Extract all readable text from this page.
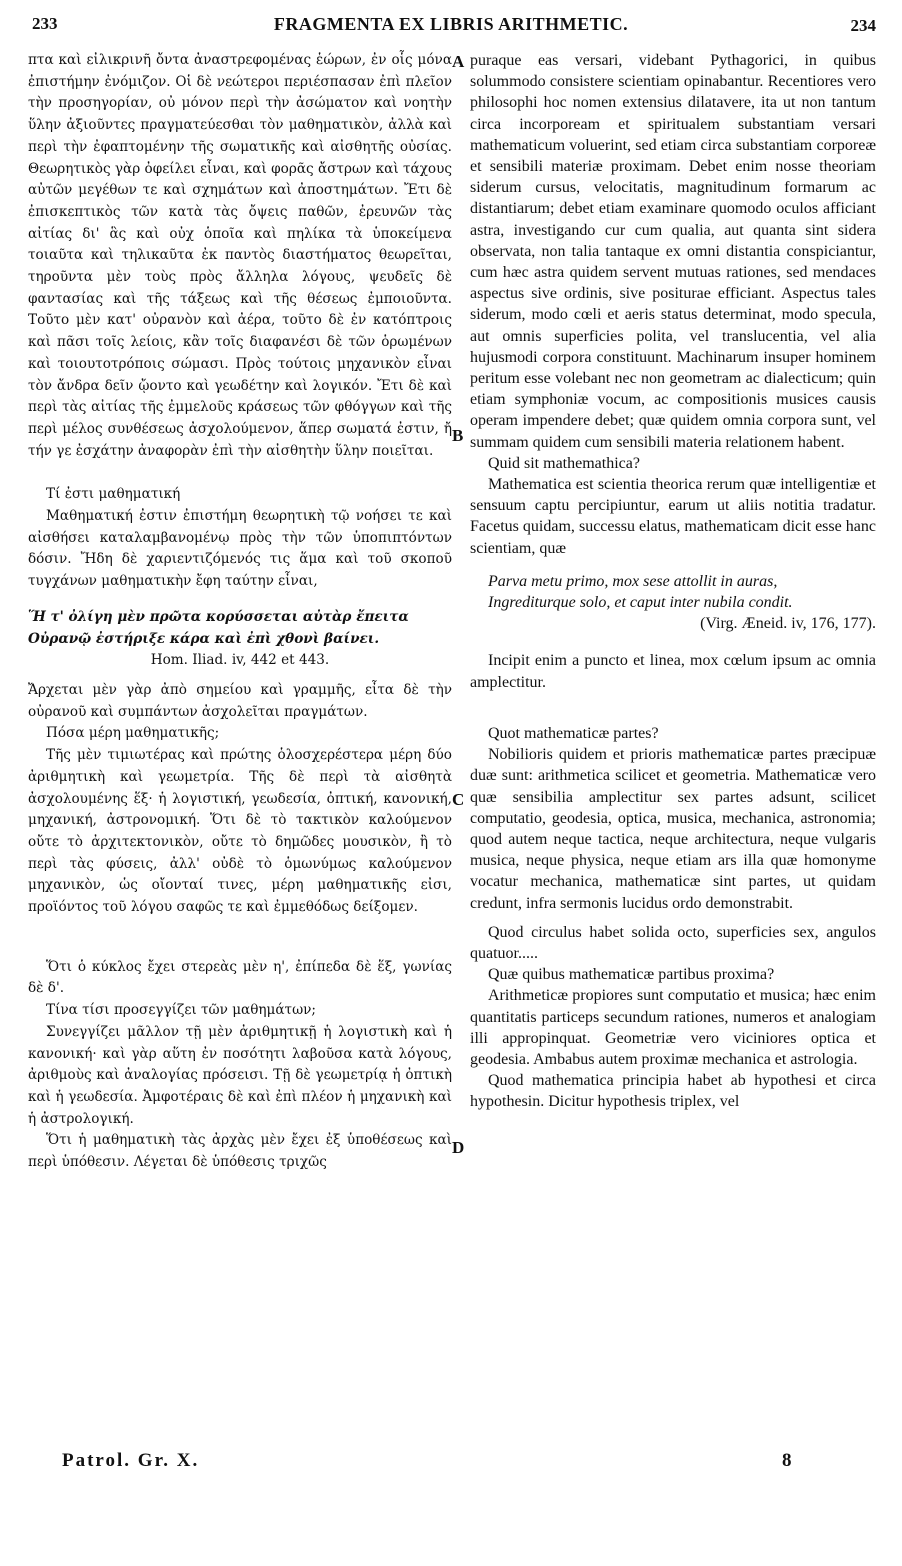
233	FRAGMENTA EX LIBRIS ARITHMETIC.	234

πτα καὶ εἰλικρινῆ ὄντα ἀναστρεφομένας ἑώρων, ἐν οἷς μόνα ἐπιστήμην ἐνόμιζον. Οἱ δὲ νεώτεροι περιέσπασαν ἐπὶ πλεῖον τὴν προσηγορίαν, οὐ μόνον περὶ τὴν ἀσώματον καὶ νοητὴν ὕλην ἀξιοῦντες πραγματεύεσθαι τὸν μαθηματικὸν, ἀλλὰ καὶ περὶ τὴν ἐφαπτομένην τῆς σωματικῆς καὶ αἰσθητῆς οὐσίας. Θεωρητικὸς γὰρ ὀφείλει εἶναι, καὶ φορᾶς ἄστρων καὶ τάχους αὐτῶν μεγέθων τε καὶ σχημάτων καὶ ἀποστημάτων. Ἔτι δὲ ἐπισκεπτικὸς τῶν κατὰ τὰς ὄψεις παθῶν, ἐρευνῶν τὰς αἰτίας δι' ἃς καὶ οὐχ ὁποῖα καὶ πηλίκα τὰ ὑποκείμενα τοιαῦτα καὶ τηλικαῦτα ἐκ παντὸς διαστήματος θεωρεῖται, τηροῦντα μὲν τοὺς πρὸς ἄλληλα λόγους, ψευδεῖς δὲ φαντασίας καὶ τῆς τάξεως καὶ τῆς θέσεως ἐμποιοῦντα. Τοῦτο μὲν κατ' οὐρανὸν καὶ ἀέρα, τοῦτο δὲ ἐν κατόπτροις καὶ πᾶσι τοῖς λείοις, κἂν τοῖς διαφανέσι δὲ τῶν ὁρωμένων καὶ τοιουτοτρόποις σώμασι. Πρὸς τούτοις μηχανικὸν εἶναι τὸν ἄνδρα δεῖν ᾤοντο καὶ γεωδέτην καὶ λογικόν. Ἔτι δὲ καὶ περὶ τὰς αἰτίας τῆς ἐμμελοῦς κράσεως τῶν φθόγγων καὶ τῆς περὶ μέλος συνθέσεως ἀσχολούμενον, ἅπερ σωματά ἐστιν, ἤ τήν γε ἐσχάτην ἀναφορὰν ἐπὶ τὴν αἰσθητὴν ὕλην ποιεῖται.

Τί ἐστι μαθηματική

Μαθηματική ἐστιν ἐπιστήμη θεωρητικὴ τῷ νοήσει τε καὶ αἰσθήσει καταλαμβανομένῳ πρὸς τὴν τῶν ὑποπιπτόντων δόσιν. Ἤδη δὲ χαριεντιζόμενός τις ἅμα καὶ τοῦ σκοποῦ τυγχάνων μαθηματικὴν ἔφη ταύτην εἶναι,

Ἥ τ' ὀλίγη μὲν πρῶτα κορύσσεται αὐτὰρ ἔπειτα

Οὐρανῷ ἐστήριξε κάρα καὶ ἐπὶ χθονὶ βαίνει.

Hom. Iliad. iv, 442 et 443.

Ἄρχεται μὲν γὰρ ἀπὸ σημείου καὶ γραμμῆς, εἶτα δὲ τὴν οὐρανοῦ καὶ συμπάντων ἀσχολεῖται πραγμάτων.

Πόσα μέρη μαθηματικῆς;

Τῆς μὲν τιμιωτέρας καὶ πρώτης ὁλοσχερέστερα μέρη δύο ἀριθμητικὴ καὶ γεωμετρία. Τῆς δὲ περὶ τὰ αἰσθητὰ ἀσχολουμένης ἕξ· ἡ λογιστική, γεωδεσία, ὀπτική, κανονική, μηχανική, ἀστρονομική. Ὅτι δὲ τὸ τακτικὸν καλούμενον οὔτε τὸ ἀρχιτεκτονικὸν, οὔτε τὸ δημῶδες μουσικὸν, ἢ τὸ περὶ τὰς φύσεις, ἀλλ' οὐδὲ τὸ ὁμωνύμως καλούμενον μηχανικὸν, ὡς οἴονταί τινες, μέρη μαθηματικῆς εἰσι, προϊόντος τοῦ λόγου σαφῶς τε καὶ ἐμμεθόδως δείξομεν.

Ὅτι ὁ κύκλος ἔχει στερεὰς μὲν η', ἐπίπεδα δὲ ἕξ, γωνίας δὲ δ'.

Τίνα τίσι προσεγγίζει τῶν μαθημάτων;

Συνεγγίζει μᾶλλον τῇ μὲν ἀριθμητικῇ ἡ λογιστικὴ καὶ ἡ κανονική· καὶ γὰρ αὕτη ἐν ποσότητι λαβοῦσα κατὰ λόγους, ἀριθμοὺς καὶ ἀναλογίας πρόσεισι. Τῇ δὲ γεωμετρίᾳ ἡ ὀπτικὴ καὶ ἡ γεωδεσία. Ἀμφοτέραις δὲ καὶ ἐπὶ πλέον ἡ μηχανικὴ καὶ ἡ ἀστρολογική.

Ὅτι ἡ μαθηματικὴ τὰς ἀρχὰς μὲν ἔχει ἐξ ὑποθέσεως καὶ περὶ ὑπόθεσιν. Λέγεται δὲ ὑπόθεσις τριχῶς

A
B
C
D

puraque eas versari, videbant Pythagorici, in quibus solummodo consistere scientiam opinabantur. Recentiores vero philosophi hoc nomen extensius dilatavere, ita ut non tantum circa incorpoream et spiritualem substantiam versari mathematicum voluerint, sed etiam circa substantiam corporeæ et sensibili materiæ proximam. Debet enim nosse theoriam siderum cursus, velocitatis, magnitudinum formarum ac distantiarum; debet etiam examinare quomodo oculos afficiant astra, investigando cur cum qualia, aut quanta sint sidera observata, non talia tantaque ex omni distantia conspiciantur, cum hæc astra quidem servent mutuas rationes, sed mendaces aspectus sive ordinis, sive positurae efficiant. Aspectus tales siderum, modo cœli et aeris status determinat, modo specula, aut omnis superficies polita, vel translucentia, vel alia hujusmodi corpora constituunt. Machinarum insuper hominem peritum esse volebant nec non geometram ac dialecticum; quin etiam symphoniæ vocum, ac compositionis musices causis operam impendere debet; quæ quidem omnia corpora sunt, vel summam quidem cum sensibili materia relationem habent.

Quid sit mathemathica?

Mathematica est scientia theorica rerum quæ intelligentiæ et sensuum captu percipiuntur, earum ut aliis notitia tradatur. Facetus quidam, successu elatus, mathematicam dicit esse hanc scientiam, quæ

Parva metu primo, mox sese attollit in auras,

Ingrediturque solo, et caput inter nubila condit.

(Virg. Æneid. iv, 176, 177).

Incipit enim a puncto et linea, mox cœlum ipsum ac omnia amplectitur.

Quot mathematicæ partes?

Nobilioris quidem et prioris mathematicæ partes præcipuæ duæ sunt: arithmetica scilicet et geometria. Mathematicæ vero quæ sensibilia amplectitur sex partes adsunt, scilicet computatio, geodesia, optica, musica, mechanica, astronomia; quod autem neque tactica, neque architectura, neque vulgaris musica, neque physica, neque etiam ars illa quæ homonyme vocatur mechanica, mathematicæ sint partes, ut quidam credunt, infra sermonis lucidus ordo demonstrabit.

Quod circulus habet solida octo, superficies sex, angulos quatuor.....

Quæ quibus mathematicæ partibus proxima?

Arithmeticæ propiores sunt computatio et musica; hæc enim quantitatis particeps secundum rationes, numeros et analogiam illi appropinquat. Geometriæ vero viciniores optica et geodesia. Ambabus autem proximæ mechanica et astrologia.

Quod mathematica principia habet ab hypothesi et circa hypothesin. Dicitur hypothesis triplex, vel

Patrol. Gr. X.	8
